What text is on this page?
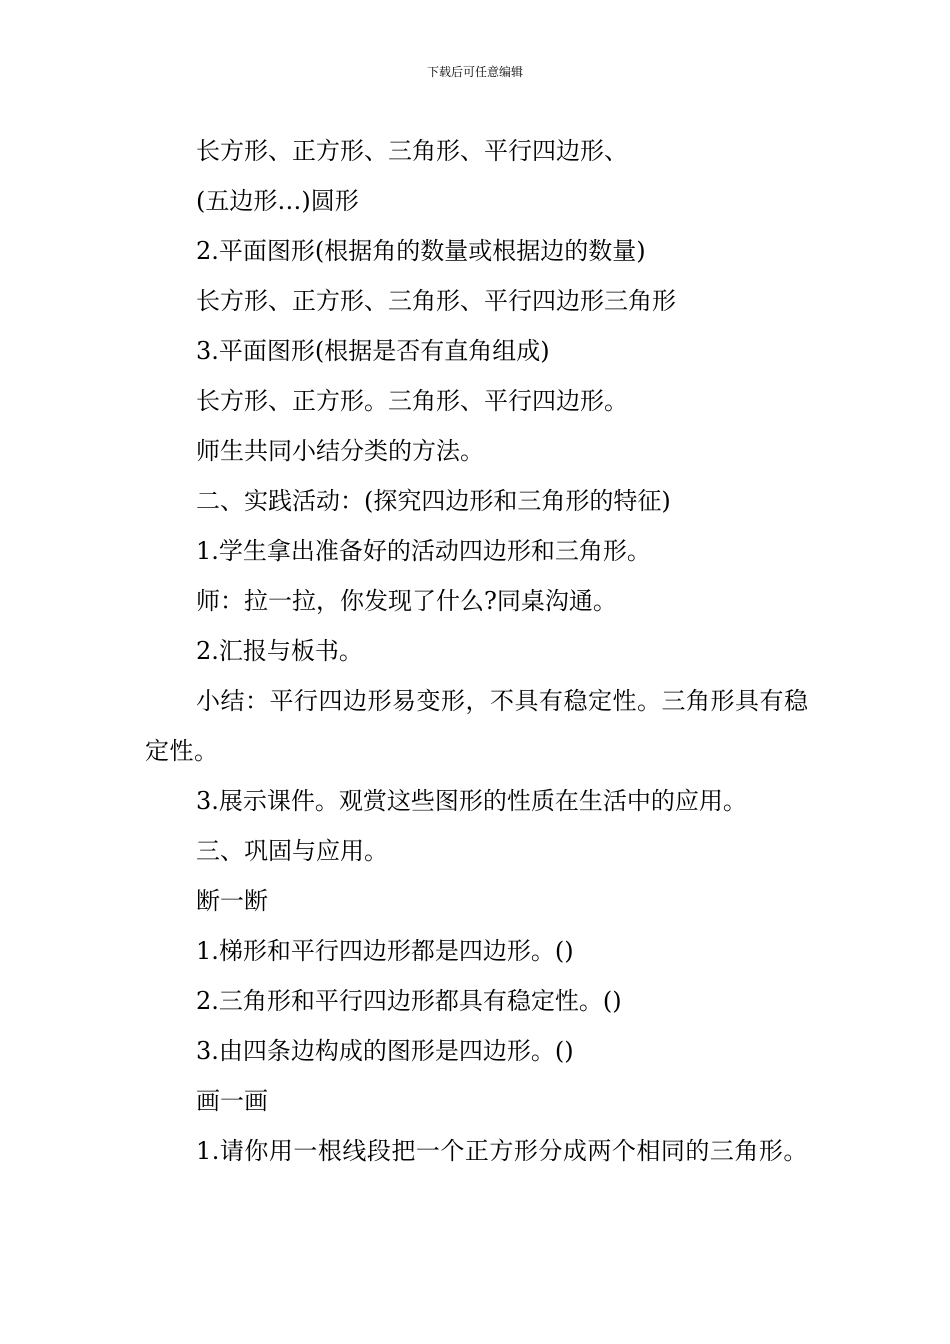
下载后可任意编辑

长方形、正方形、三角形、平行四边形、

(五边形…)圆形

2.平面图形(根据角的数量或根据边的数量)

长方形、正方形、三角形、平行四边形三角形

3.平面图形(根据是否有直角组成)

长方形、正方形。三角形、平行四边形。

师生共同小结分类的方法。

二、实践活动：(探究四边形和三角形的特征)

1.学生拿出准备好的活动四边形和三角形。

师：拉一拉，你发现了什么?同桌沟通。

2.汇报与板书。

小结：平行四边形易变形，不具有稳定性。三角形具有稳定性。

3.展示课件。观赏这些图形的性质在生活中的应用。

三、巩固与应用。

断一断

1.梯形和平行四边形都是四边形。()

2.三角形和平行四边形都具有稳定性。()

3.由四条边构成的图形是四边形。()

画一画

1.请你用一根线段把一个正方形分成两个相同的三角形。
